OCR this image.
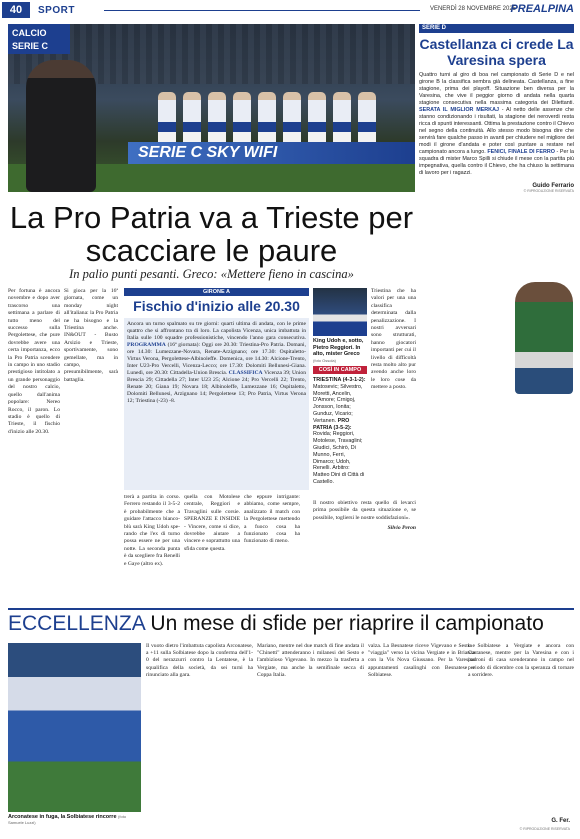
40	SPORT	VENERDÌ 28 NOVEMBRE 2025
PREALPINA
SERIE C SKY WIFI
CALCIO
SERIE C
SERIE D
Castellanza ci crede La Varesina spera
Quattro turni al giro di boa nel campionato di Serie D e nel girone B la classifica sembra già delineata. Castellanza, a fine stagione, prima dei playoff. Situazione ben diversa per la Varesina, che vive il peggior giorno di andata nella quarta stagione consecutiva nella massima categoria dei Dilettanti. SERATA IL MIGLIOR MERKAJ - Al netto delle assenze che stanno condizionando i risultati, la stagione dei neroverdi resta ricca di spunti interessanti. Ottima la prestazione contro il Chievo nel segno della continuità. Allo stesso modo bisogna dire che servirà fare qualche passo in avanti per chiudere nel migliore dei modi il girone d'andata e poter così puntare a restare nel campionato ancora a lungo. FENICI, FINALE DI FERRO - Per la squadra di mister Marco Spilli si chiude il mese con la partita più impegnativa, quella contro il Chievo, che ha chiuso la settimana di lavoro per i ragazzi.
Guido Ferrario
© RIPRODUZIONE RISERVATA
La Pro Patria va a Trieste per scacciare le paure
In palio punti pesanti. Greco: «Mettere fieno in cascina»
Per fortuna è ancora novembre e dopo aver trascorso una settimana a parlare di tutto meno del successo sulla Pergolettese, che pure dovrebbe avere una certa importanza, ecco la Pro Patria scendere in campo in uno stadio prestigioso intitolato a un grande personaggio del nostro calcio, quello dall'anima popolare: Nereo Rocco, il paron. Lo stadio è quello di Trieste, il fischio d'inizio alle 20.30.
Si gioca per la 16ª giornata, come un monday night all'italiana: la Pro Patria ne ha bisogno e la Triestina anche. IN&OUT - Busto Arsizio e Trieste, sportivamente, sono gemellate, ma in campo, presumibilmente, sarà battaglia.
GIRONE A
Fischio d'inizio alle 20.30
Ancora un turno spalmato su tre giorni: quarti ultima di andata, con le prime quattro che si affrontano tra di loro. La capolista Vicenza, unica imbattuta in Italia sulle 100 squadre professionistiche, vincendo l'anno gara consecutiva. PROGRAMMA (16ª giornata): Oggi ore 20.30: Triestina-Pro Patria. Domani, ore 14.30: Lumezzane-Novara, Renate-Arzignano; ore 17.30: Ospitaletto-Virtus Verona, Pergolettese-Albinoleffe. Domenica, ore 14.30: Alcione-Trento, Inter U23-Pro Vercelli, Vicenza-Lecco; ore 17.30: Dolomiti Bellunesi-Giana. Lunedì, ore 20.30: Cittadella-Union Brescia. CLASSIFICA Vicenza 39; Union Brescia 29; Cittadella 27; Inter U23 25; Alcione 24; Pro Vercelli 22; Trento, Renate 20; Giana 19; Novara 18; Albinoleffe, Lumezzane 16; Ospitaletto, Dolomiti Bellunesi, Arzignano 14; Pergolettese 13; Pro Patria, Virtus Verona 12; Triestina (-23) -8.
King Udoh e, sotto, Pietro Reggiori. In alto, mister Greco (foto Ossola)
COSÌ IN CAMPO
TRIESTINA (4-3-1-2): Matosevic; Silvestro, Moretti, Ancelin, D'Amore; Crnigoj, Jonsson, Ionita; Gunduz, Vicario; Vertanen. PRO PATRIA (3-5-2): Rovida; Reggiori, Motolese, Travaglini; Giudici, Schirò, Di Munno, Ferri, Dimarco; Udoh, Renelli. Arbitro: Matteo Dini di Città di Castello.
trerà a partita in corso. Ferrero restando il 3-5-2 è probabilmente che a guidare l'attacco bianco-blù sarà King Udoh spe- rando che l'ex di turno possa essere ne per una notte. La seconda punta è da scegliere fra Renelli e Gaye (altro ex).
quella con Motolese centrale, Reggiori e Travaglini sulle corsie. SPERANZE E INSIDIE - Vincere, come si dice, dovrebbe aiutare a vincere e soprattutto una sfida come questa.
che eppure intrigante: abbiamo, come sempre, analizzato il match con la Pergolettese mettendo a fuoco cosa ha funzionato cosa ha funzionato di meno.
Triestina che ha valori per una una classifica determinata dalla penalizzazione. I nostri avversari sono strutturati, hanno giocatori importanti per cui il livello di difficoltà resta molto alto pur avendo anche loro le loro cose da mettere a posto.
Il nostro obiettivo resta quello di levarci prima possibile da questa situazione e, se possibile, togliersi le nostre soddisfazioni».
Silvio Peron
ECCELLENZA Un mese di sfide per riaprire il campionato
Arconatese in fuga, la Solbiatese rincorre (foto Samuele Luzzi)
Il vuoto dietro l'imbattuta capolista Arconatese, a +11 sulla Solbiatese dopo la conferma dell'1-0 del nerazzurri contro la Lentatese, è la squalifica della società, da sei turni ha rinunciato alla gara.
Mariano, mentre nel due match di fine andata il "Chinetti" attenderanno i milanesi del Sesto e l'ambizioso Vigevano. In mezzo la trasferta a Vergiate, ma anche la semifinale secca di Coppa Italia.
valza. La Besnatese riceve Vigevano e Sesto e "viaggia" verso la vicina Vergiate e in Brianza con la Vis Nova Giussano. Per la Varesina appuntamenti casalinghi con Besnatese e Solbiatese.
la Solbiatese a Vergiate e ancora con Castanese, mentre per la Varesina e con i padroni di casa scenderanno in campo nel periodo di dicembre con la speranza di tornare a sorridere.
G. Fer.
© RIPRODUZIONE RISERVATA
